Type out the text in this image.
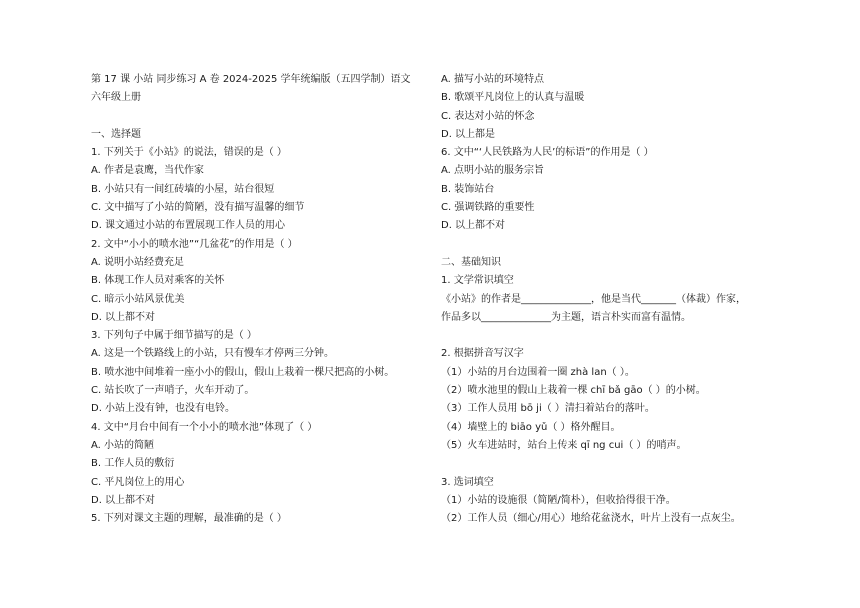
第 17 课 小站 同步练习 A 卷 2024-2025 学年统编版（五四学制）语文
六年级上册
一、选择题
1. 下列关于《小站》的说法，错误的是（ ）
A. 作者是袁鹰，当代作家
B. 小站只有一间红砖墙的小屋，站台很短
C. 文中描写了小站的简陋，没有描写温馨的细节
D. 课文通过小站的布置展现工作人员的用心
2. 文中“小小的喷水池”“几盆花”的作用是（ ）
A. 说明小站经费充足
B. 体现工作人员对乘客的关怀
C. 暗示小站风景优美
D. 以上都不对
3. 下列句子中属于细节描写的是（ ）
A. 这是一个铁路线上的小站，只有慢车才停两三分钟。
B. 喷水池中间堆着一座小小的假山，假山上栽着一棵尺把高的小树。
C. 站长吹了一声哨子，火车开动了。
D. 小站上没有钟，也没有电铃。
4. 文中“月台中间有一个小小的喷水池”体现了（ ）
A. 小站的简陋
B. 工作人员的敷衍
C. 平凡岗位上的用心
D. 以上都不对
5. 下列对课文主题的理解，最准确的是（ ）
A. 描写小站的环境特点
B. 歌颂平凡岗位上的认真与温暖
C. 表达对小站的怀念
D. 以上都是
6. 文中“‘人民铁路为人民’的标语”的作用是（ ）
A. 点明小站的服务宗旨
B. 装饰站台
C. 强调铁路的重要性
D. 以上都不对
二、基础知识
1. 文学常识填空
《小站》的作者是______________，他是当代_______（体裁）作家，
作品多以______________为主题，语言朴实而富有温情。
2. 根据拼音写汉字
（1）小站的月台边围着一圈 zhà lan（ ）。
（2）喷水池里的假山上栽着一棵 chī bǎ gāo（ ）的小树。
（3）工作人员用 bō ji（ ）清扫着站台的落叶。
（4）墙壁上的 biāo yǔ（ ）格外醒目。
（5）火车进站时，站台上传来 qī ng cui（ ）的哨声。
3. 选词填空
（1）小站的设施很（简陋/简朴），但收拾得很干净。
（2）工作人员（细心/用心）地给花盆浇水，叶片上没有一点灰尘。
